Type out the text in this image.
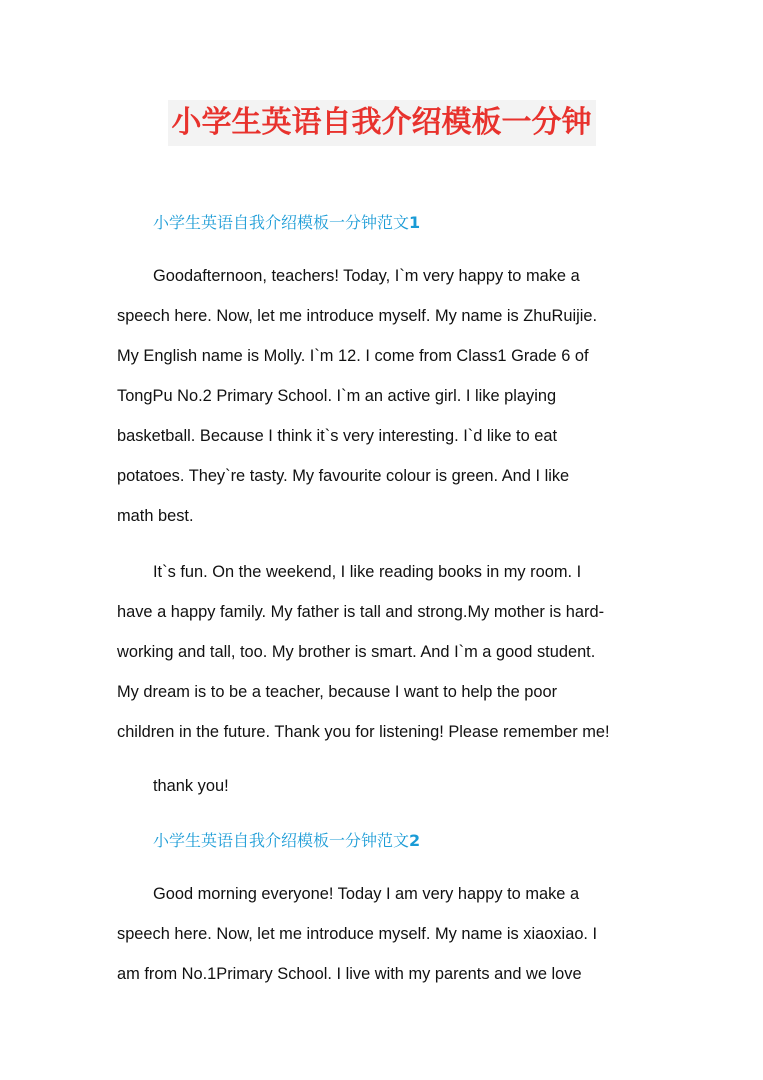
小学生英语自我介绍模板一分钟
小学生英语自我介绍模板一分钟范文1
Goodafternoon, teachers! Today, I`m very happy to make a
speech here. Now, let me introduce myself. My name is ZhuRuijie.
My English name is Molly. I`m 12. I come from Class1 Grade 6 of
TongPu No.2 Primary School. I`m an active girl. I like playing
basketball. Because I think it`s very interesting. I`d like to eat
potatoes. They`re tasty. My favourite colour is green. And I like
math best.
It`s fun. On the weekend, I like reading books in my room. I
have a happy family. My father is tall and strong.My mother is hard-
working and tall, too. My brother is smart. And I`m a good student.
My dream is to be a teacher, because I want to help the poor
children in the future. Thank you for listening! Please remember me!
thank you!
小学生英语自我介绍模板一分钟范文2
Good morning everyone! Today I am very happy to make a
speech here. Now, let me introduce myself. My name is xiaoxiao. I
am from No.1Primary School. I live with my parents and we love
